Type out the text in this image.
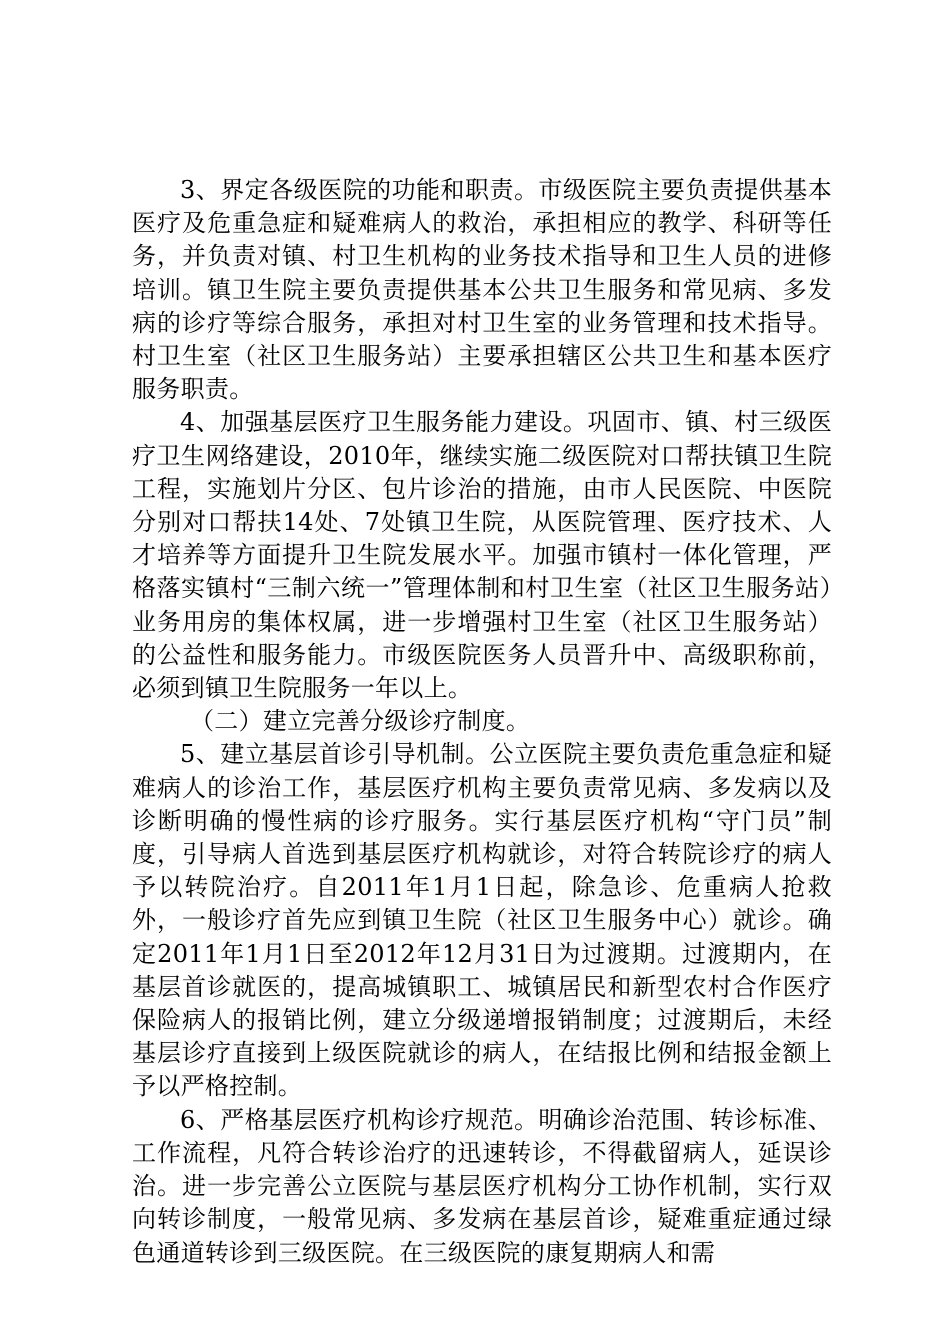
3、界定各级医院的功能和职责。市级医院主要负责提供基本医疗及危重急症和疑难病人的救治，承担相应的教学、科研等任务，并负责对镇、村卫生机构的业务技术指导和卫生人员的进修培训。镇卫生院主要负责提供基本公共卫生服务和常见病、多发病的诊疗等综合服务，承担对村卫生室的业务管理和技术指导。村卫生室（社区卫生服务站）主要承担辖区公共卫生和基本医疗服务职责。

4、加强基层医疗卫生服务能力建设。巩固市、镇、村三级医疗卫生网络建设，2010年，继续实施二级医院对口帮扶镇卫生院工程，实施划片分区、包片诊治的措施，由市人民医院、中医院分别对口帮扶14处、7处镇卫生院，从医院管理、医疗技术、人才培养等方面提升卫生院发展水平。加强市镇村一体化管理，严格落实镇村“三制六统一”管理体制和村卫生室（社区卫生服务站）业务用房的集体权属，进一步增强村卫生室（社区卫生服务站）的公益性和服务能力。市级医院医务人员晋升中、高级职称前，必须到镇卫生院服务一年以上。

（二）建立完善分级诊疗制度。

5、建立基层首诊引导机制。公立医院主要负责危重急症和疑难病人的诊治工作，基层医疗机构主要负责常见病、多发病以及诊断明确的慢性病的诊疗服务。实行基层医疗机构“守门员”制度，引导病人首选到基层医疗机构就诊，对符合转院诊疗的病人予以转院治疗。自2011年1月1日起，除急诊、危重病人抢救外，一般诊疗首先应到镇卫生院（社区卫生服务中心）就诊。确定2011年1月1日至2012年12月31日为过渡期。过渡期内，在基层首诊就医的，提高城镇职工、城镇居民和新型农村合作医疗保险病人的报销比例，建立分级递增报销制度；过渡期后，未经基层诊疗直接到上级医院就诊的病人，在结报比例和结报金额上予以严格控制。

6、严格基层医疗机构诊疗规范。明确诊治范围、转诊标准、工作流程，凡符合转诊治疗的迅速转诊，不得截留病人，延误诊治。进一步完善公立医院与基层医疗机构分工协作机制，实行双向转诊制度，一般常见病、多发病在基层首诊，疑难重症通过绿色通道转诊到三级医院。在三级医院的康复期病人和需
